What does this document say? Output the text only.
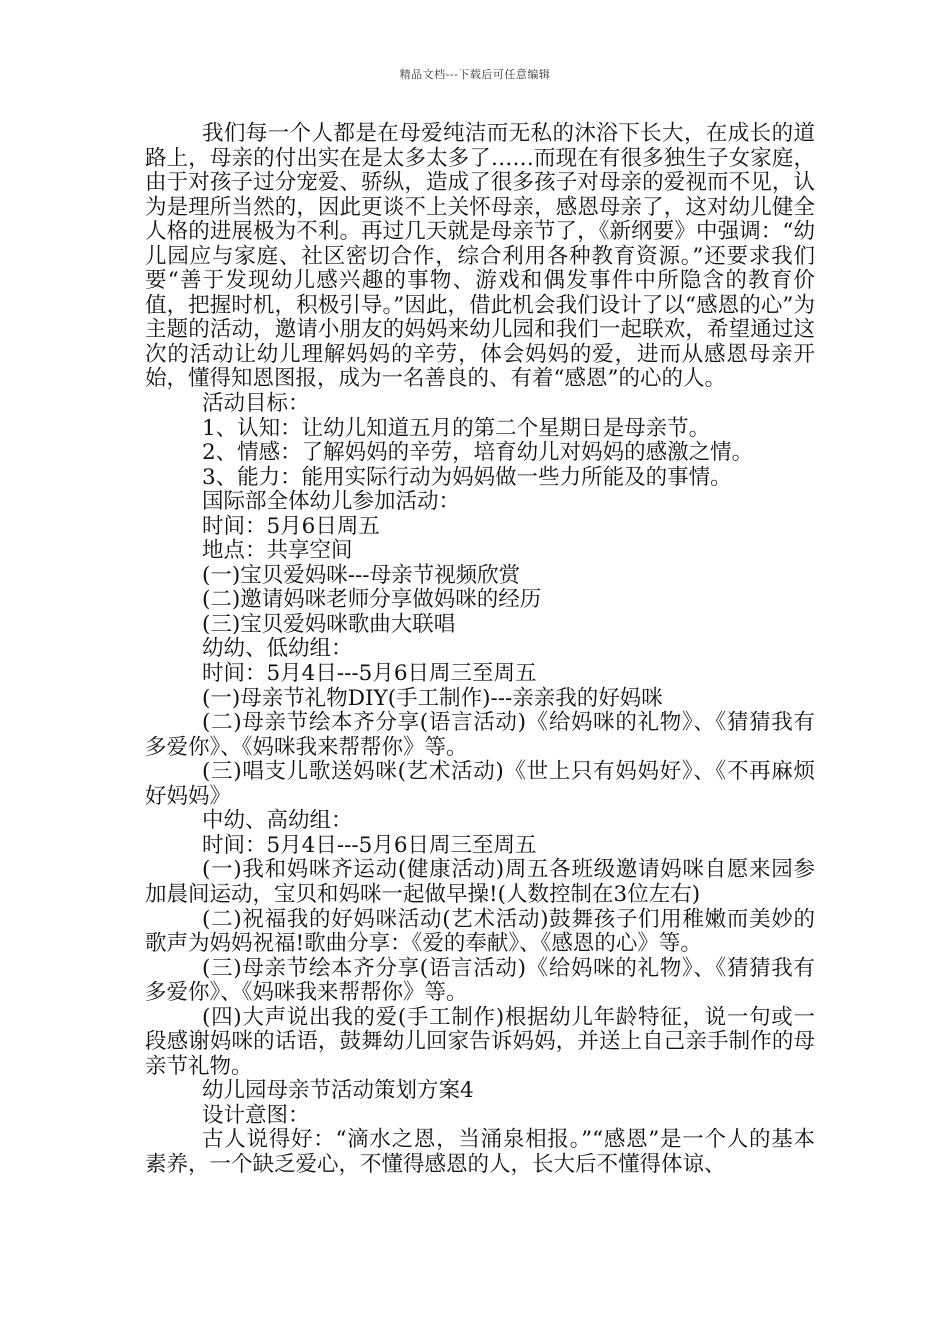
精品文档---下载后可任意编辑

我们每一个人都是在母爱纯洁而无私的沐浴下长大，在成长的道路上，母亲的付出实在是太多太多了……而现在有很多独生子女家庭，由于对孩子过分宠爱、骄纵，造成了很多孩子对母亲的爱视而不见，认为是理所当然的，因此更谈不上关怀母亲，感恩母亲了，这对幼儿健全人格的进展极为不利。再过几天就是母亲节了，《新纲要》中强调：“幼儿园应与家庭、社区密切合作，综合利用各种教育资源。”还要求我们要“善于发现幼儿感兴趣的事物、游戏和偶发事件中所隐含的教育价值，把握时机，积极引导。”因此，借此机会我们设计了以“感恩的心”为主题的活动，邀请小朋友的妈妈来幼儿园和我们一起联欢，希望通过这次的活动让幼儿理解妈妈的辛劳，体会妈妈的爱，进而从感恩母亲开始，懂得知恩图报，成为一名善良的、有着“感恩”的心的人。

活动目标：

1、认知：让幼儿知道五月的第二个星期日是母亲节。

2、情感：了解妈妈的辛劳，培育幼儿对妈妈的感激之情。

3、能力：能用实际行动为妈妈做一些力所能及的事情。

国际部全体幼儿参加活动：

时间：5月6日周五

地点：共享空间

(一)宝贝爱妈咪---母亲节视频欣赏

(二)邀请妈咪老师分享做妈咪的经历

(三)宝贝爱妈咪歌曲大联唱

幼幼、低幼组：

时间：5月4日---5月6日周三至周五

(一)母亲节礼物DIY(手工制作)---亲亲我的好妈咪

(二)母亲节绘本齐分享(语言活动)《给妈咪的礼物》、《猜猜我有多爱你》、《妈咪我来帮帮你》等。

(三)唱支儿歌送妈咪(艺术活动)《世上只有妈妈好》、《不再麻烦好妈妈》

中幼、高幼组：

时间：5月4日---5月6日周三至周五

(一)我和妈咪齐运动(健康活动)周五各班级邀请妈咪自愿来园参加晨间运动，宝贝和妈咪一起做早操!(人数控制在3位左右)

(二)祝福我的好妈咪活动(艺术活动)鼓舞孩子们用稚嫩而美妙的歌声为妈妈祝福!歌曲分享：《爱的奉献》、《感恩的心》等。

(三)母亲节绘本齐分享(语言活动)《给妈咪的礼物》、《猜猜我有多爱你》、《妈咪我来帮帮你》等。

(四)大声说出我的爱(手工制作)根据幼儿年龄特征，说一句或一段感谢妈咪的话语，鼓舞幼儿回家告诉妈妈，并送上自己亲手制作的母亲节礼物。

幼儿园母亲节活动策划方案4

设计意图：

古人说得好：“滴水之恩，当涌泉相报。”“感恩”是一个人的基本素养，一个缺乏爱心，不懂得感恩的人，长大后不懂得体谅、
